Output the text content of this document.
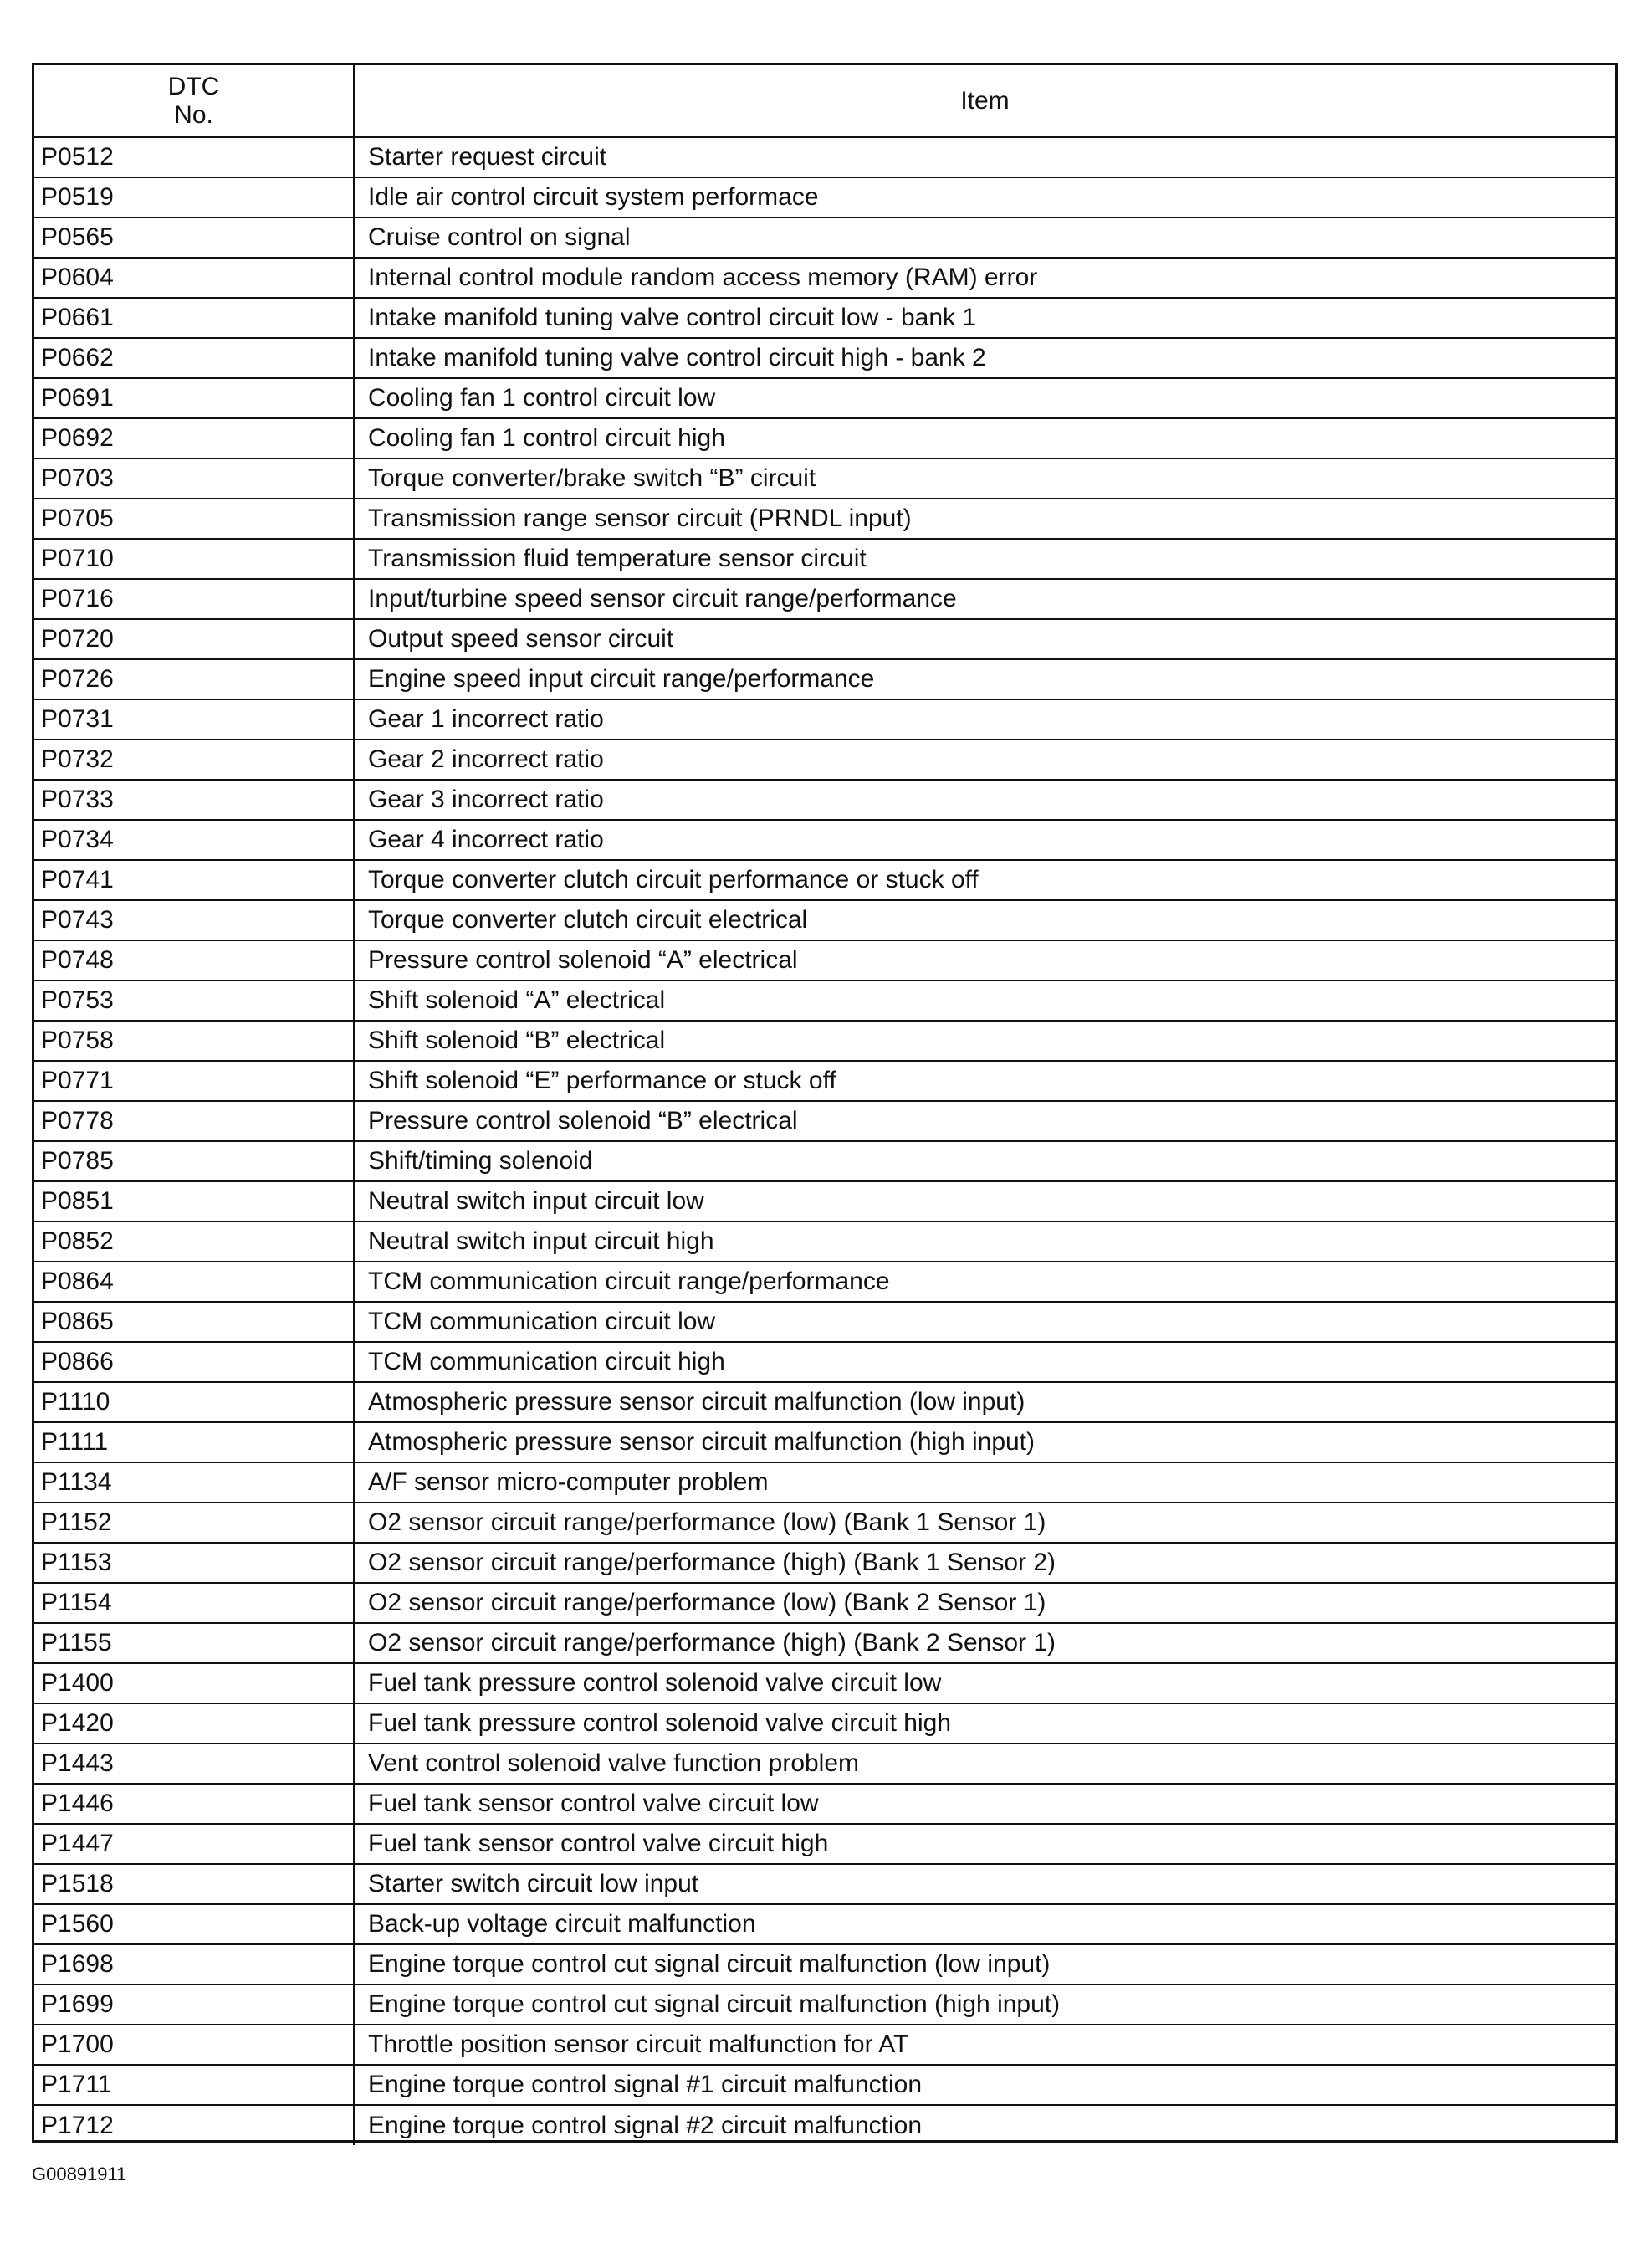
DTC
No.	Item
P0512	Starter request circuit
P0519	Idle air control circuit system performace
P0565	Cruise control on signal
P0604	Internal control module random access memory (RAM) error
P0661	Intake manifold tuning valve control circuit low - bank 1
P0662	Intake manifold tuning valve control circuit high - bank 2
P0691	Cooling fan 1 control circuit low
P0692	Cooling fan 1 control circuit high
P0703	Torque converter/brake switch “B” circuit
P0705	Transmission range sensor circuit (PRNDL input)
P0710	Transmission fluid temperature sensor circuit
P0716	Input/turbine speed sensor circuit range/performance
P0720	Output speed sensor circuit
P0726	Engine speed input circuit range/performance
P0731	Gear 1 incorrect ratio
P0732	Gear 2 incorrect ratio
P0733	Gear 3 incorrect ratio
P0734	Gear 4 incorrect ratio
P0741	Torque converter clutch circuit performance or stuck off
P0743	Torque converter clutch circuit electrical
P0748	Pressure control solenoid “A” electrical
P0753	Shift solenoid “A” electrical
P0758	Shift solenoid “B” electrical
P0771	Shift solenoid “E” performance or stuck off
P0778	Pressure control solenoid “B” electrical
P0785	Shift/timing solenoid
P0851	Neutral switch input circuit low
P0852	Neutral switch input circuit high
P0864	TCM communication circuit range/performance
P0865	TCM communication circuit low
P0866	TCM communication circuit high
P1110	Atmospheric pressure sensor circuit malfunction (low input)
P1111	Atmospheric pressure sensor circuit malfunction (high input)
P1134	A/F sensor micro-computer problem
P1152	O2 sensor circuit range/performance (low) (Bank 1 Sensor 1)
P1153	O2 sensor circuit range/performance (high) (Bank 1 Sensor 2)
P1154	O2 sensor circuit range/performance (low) (Bank 2 Sensor 1)
P1155	O2 sensor circuit range/performance (high) (Bank 2 Sensor 1)
P1400	Fuel tank pressure control solenoid valve circuit low
P1420	Fuel tank pressure control solenoid valve circuit high
P1443	Vent control solenoid valve function problem
P1446	Fuel tank sensor control valve circuit low
P1447	Fuel tank sensor control valve circuit high
P1518	Starter switch circuit low input
P1560	Back-up voltage circuit malfunction
P1698	Engine torque control cut signal circuit malfunction (low input)
P1699	Engine torque control cut signal circuit malfunction (high input)
P1700	Throttle position sensor circuit malfunction for AT
P1711	Engine torque control signal #1 circuit malfunction
P1712	Engine torque control signal #2 circuit malfunction
G00891911
